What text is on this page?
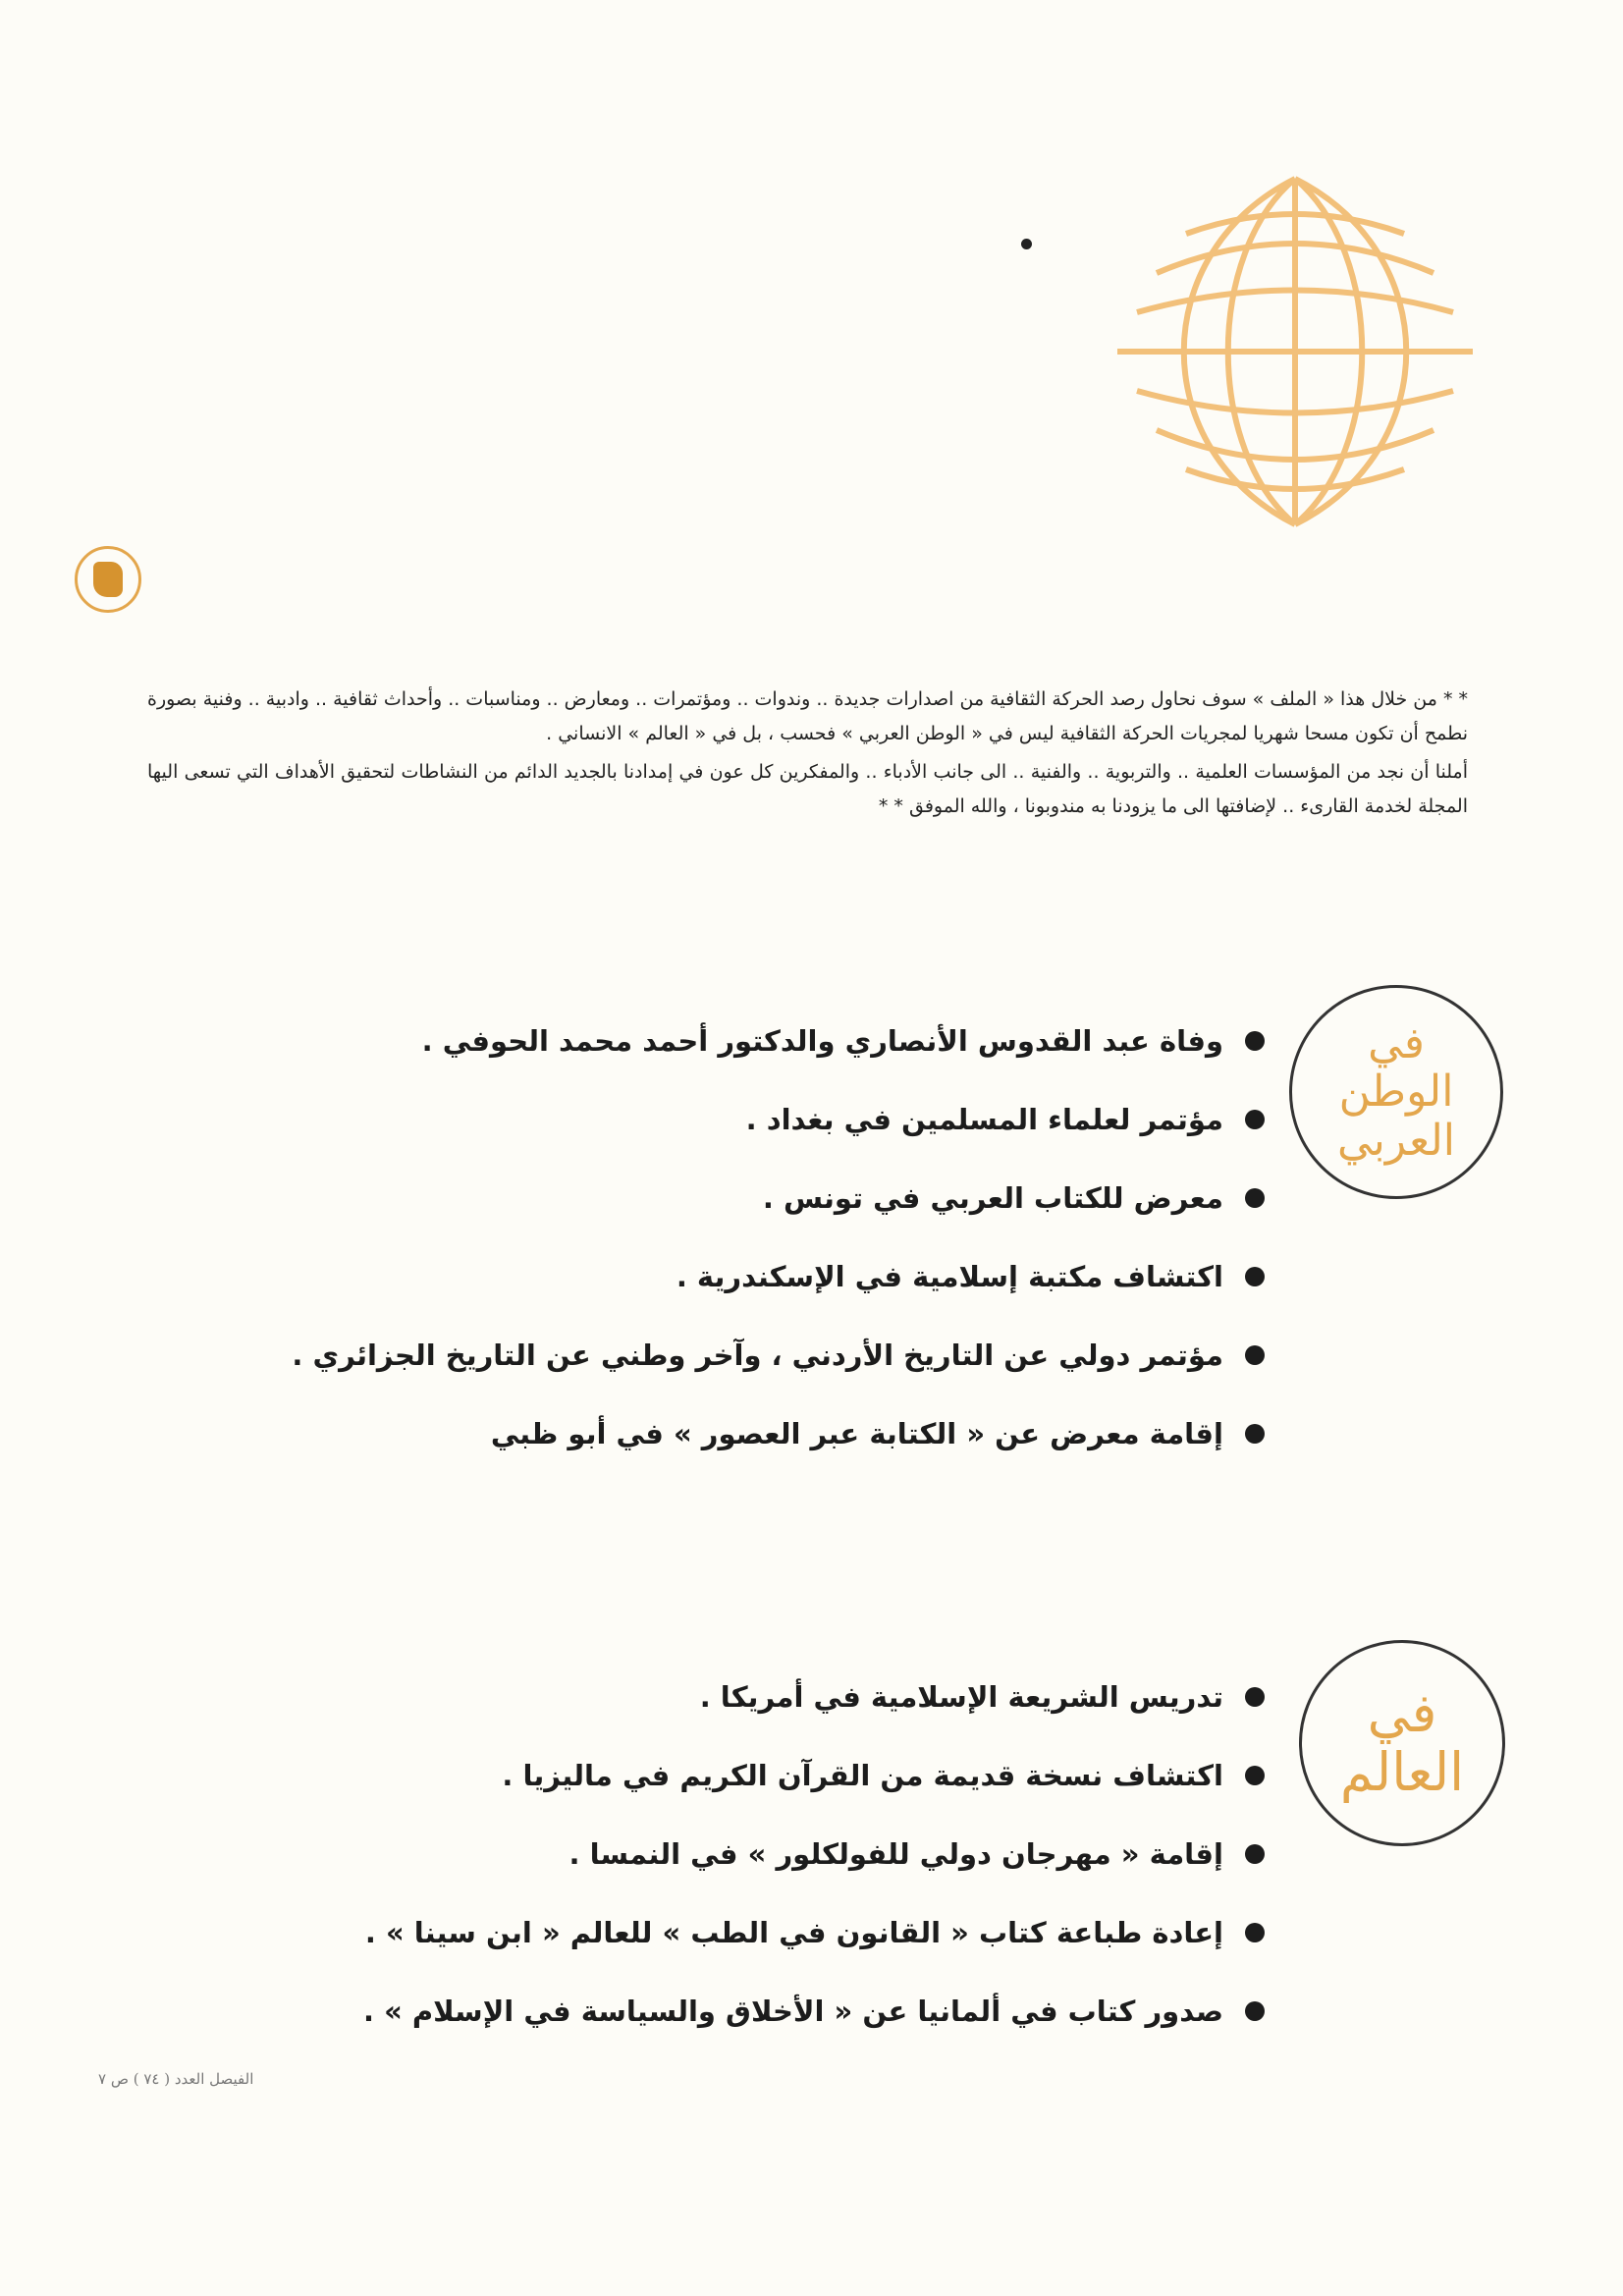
* * من خلال هذا « الملف » سوف نحاول رصد الحركة الثقافية من اصدارات جديدة .. وندوات .. ومؤتمرات .. ومعارض .. ومناسبات .. وأحداث ثقافية .. وادبية .. وفنية بصورة نطمح أن تكون مسحا شهريا لمجريات الحركة الثقافية ليس في « الوطن العربي » فحسب ، بل في « العالم » الانساني .

أملنا أن نجد من المؤسسات العلمية .. والتربوية .. والفنية .. الى جانب الأدباء .. والمفكرين كل عون في إمدادنا بالجديد الدائم من النشاطات لتحقيق الأهداف التي تسعى اليها المجلة لخدمة القارىء .. لإضافتها الى ما يزودنا به مندوبونا ، والله الموفق * *

في
الوطن
العربي
وفاة عبد القدوس الأنصاري والدكتور أحمد محمد الحوفي .
مؤتمر لعلماء المسلمين في بغداد .
معرض للكتاب العربي في تونس .
اكتشاف مكتبة إسلامية في الإسكندرية .
مؤتمر دولي عن التاريخ الأردني ، وآخر وطني عن التاريخ الجزائري .
إقامة معرض عن « الكتابة عبر العصور » في أبو ظبي
في
العالم
تدريس الشريعة الإسلامية في أمريكا .
اكتشاف نسخة قديمة من القرآن الكريم في ماليزيا .
إقامة « مهرجان دولي للفولكلور » في النمسا .
إعادة طباعة كتاب « القانون في الطب » للعالم « ابن سينا » .
صدور كتاب في ألمانيا عن « الأخلاق والسياسة في الإسلام » .
الفيصل العدد ( ٧٤ ) ص ٧
